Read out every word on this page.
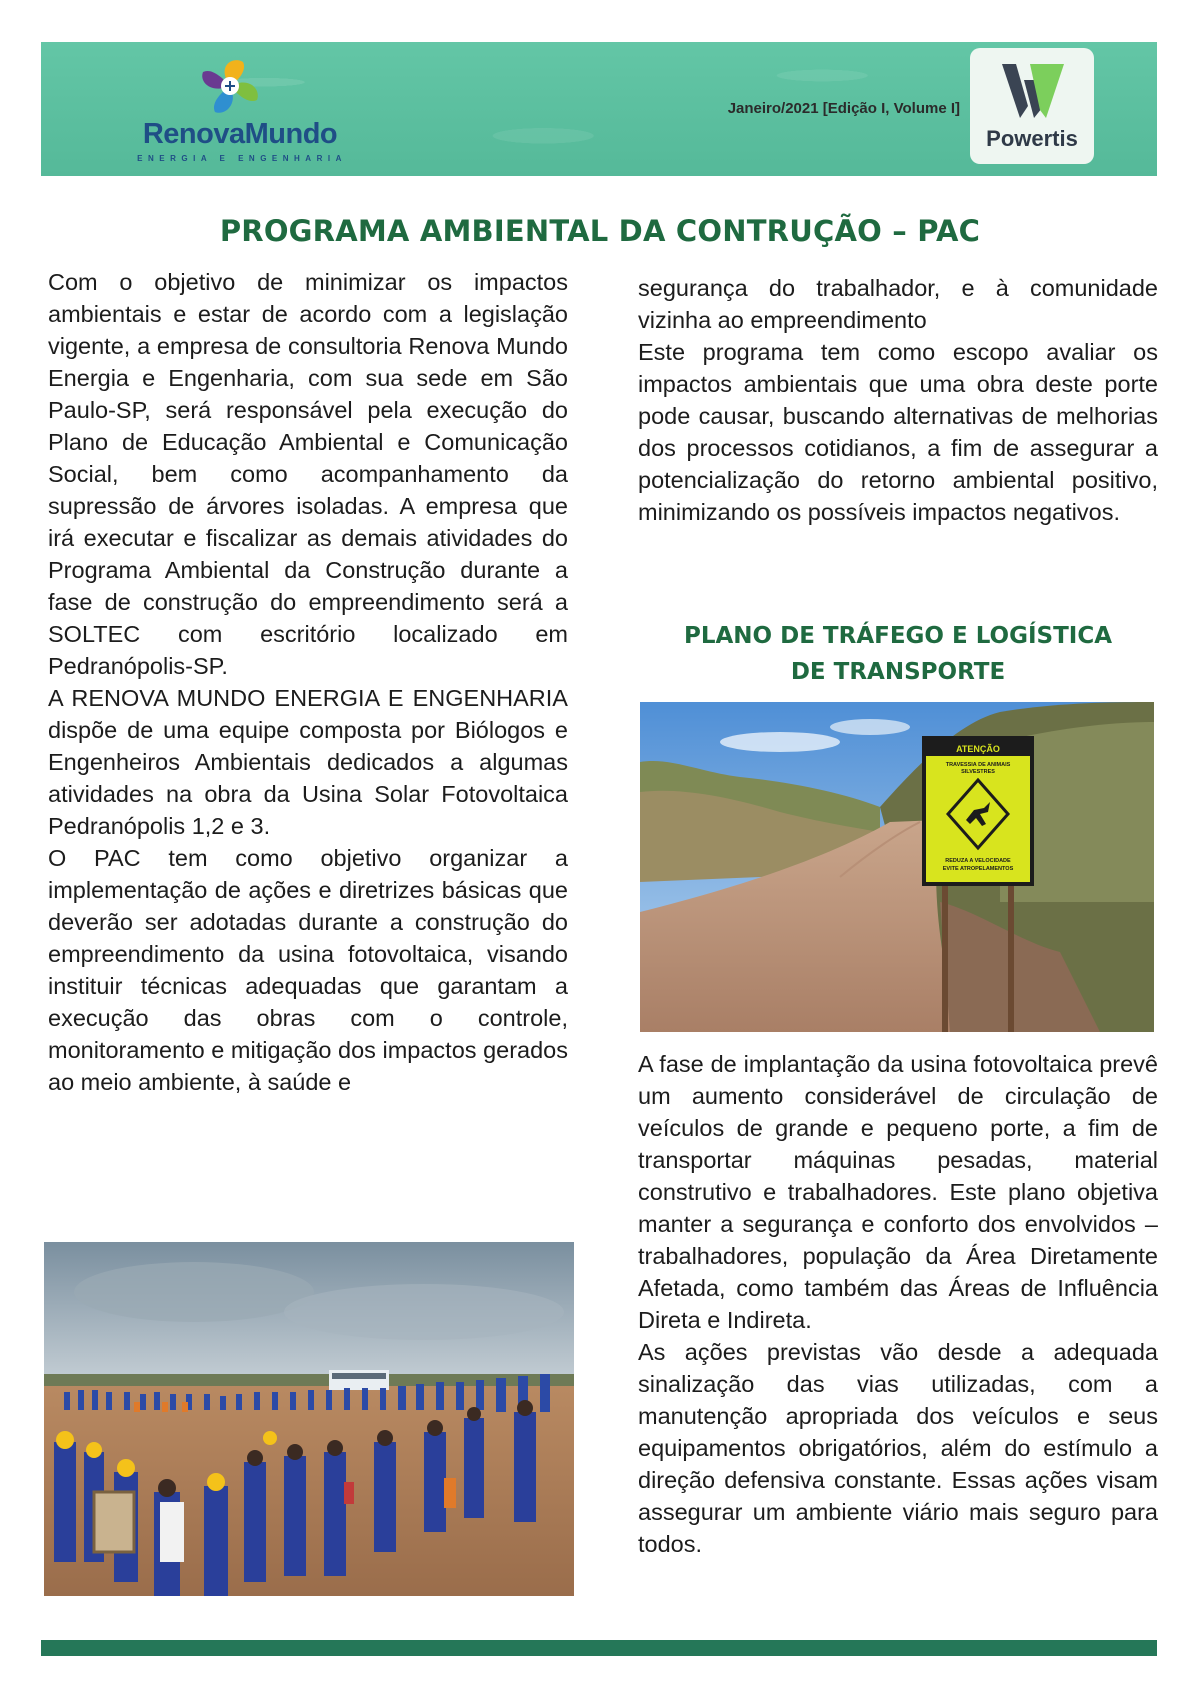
RenovaMundo
ENERGIA E ENGENHARIA
Janeiro/2021 [Edição I, Volume I]
Powertis
PROGRAMA AMBIENTAL DA CONTRUÇÃO – PAC

Com o objetivo de minimizar os impactos ambientais e estar de acordo com a legislação vigente, a empresa de consultoria Renova Mundo Energia e Engenharia, com sua sede em São Paulo-SP, será responsável pela execução do Plano de Educação Ambiental e Comunicação Social, bem como acompanhamento da supressão de árvores isoladas. A empresa que irá executar e fiscalizar as demais atividades do Programa Ambiental da Construção durante a fase de construção do empreendimento será a SOLTEC com escritório localizado em Pedranópolis-SP.

A RENOVA MUNDO ENERGIA E ENGENHARIA dispõe de uma equipe composta por Biólogos e Engenheiros Ambientais dedicados a algumas atividades na obra da Usina Solar Fotovoltaica Pedranópolis 1,2 e 3.

O PAC tem como objetivo organizar a implementação de ações e diretrizes básicas que deverão ser adotadas durante a construção do empreendimento da usina fotovoltaica, visando instituir técnicas adequadas que garantam a execução das obras com o controle, monitoramento e mitigação dos impactos gerados ao meio ambiente, à saúde e

segurança do trabalhador, e à comunidade vizinha ao empreendimento

Este programa tem como escopo avaliar os impactos ambientais que uma obra deste porte pode causar, buscando alternativas de melhorias dos processos cotidianos, a fim de assegurar a potencialização do retorno ambiental positivo, minimizando os possíveis impactos negativos.

PLANO DE TRÁFEGO E LOGÍSTICA
DE TRANSPORTE
ATENÇÃO
TRAVESSIA DE ANIMAIS
SILVESTRES
REDUZA A VELOCIDADE
EVITE ATROPELAMENTOS

A fase de implantação da usina fotovoltaica prevê um aumento considerável de circulação de veículos de grande e pequeno porte, a fim de transportar máquinas pesadas, material construtivo e trabalhadores. Este plano objetiva manter a segurança e conforto dos envolvidos – trabalhadores, população da Área Diretamente Afetada, como também das Áreas de Influência Direta e Indireta.

As ações previstas vão desde a adequada sinalização das vias utilizadas, com a manutenção apropriada dos veículos e seus equipamentos obrigatórios, além do estímulo a direção defensiva constante. Essas ações visam assegurar um ambiente viário mais seguro para todos.
